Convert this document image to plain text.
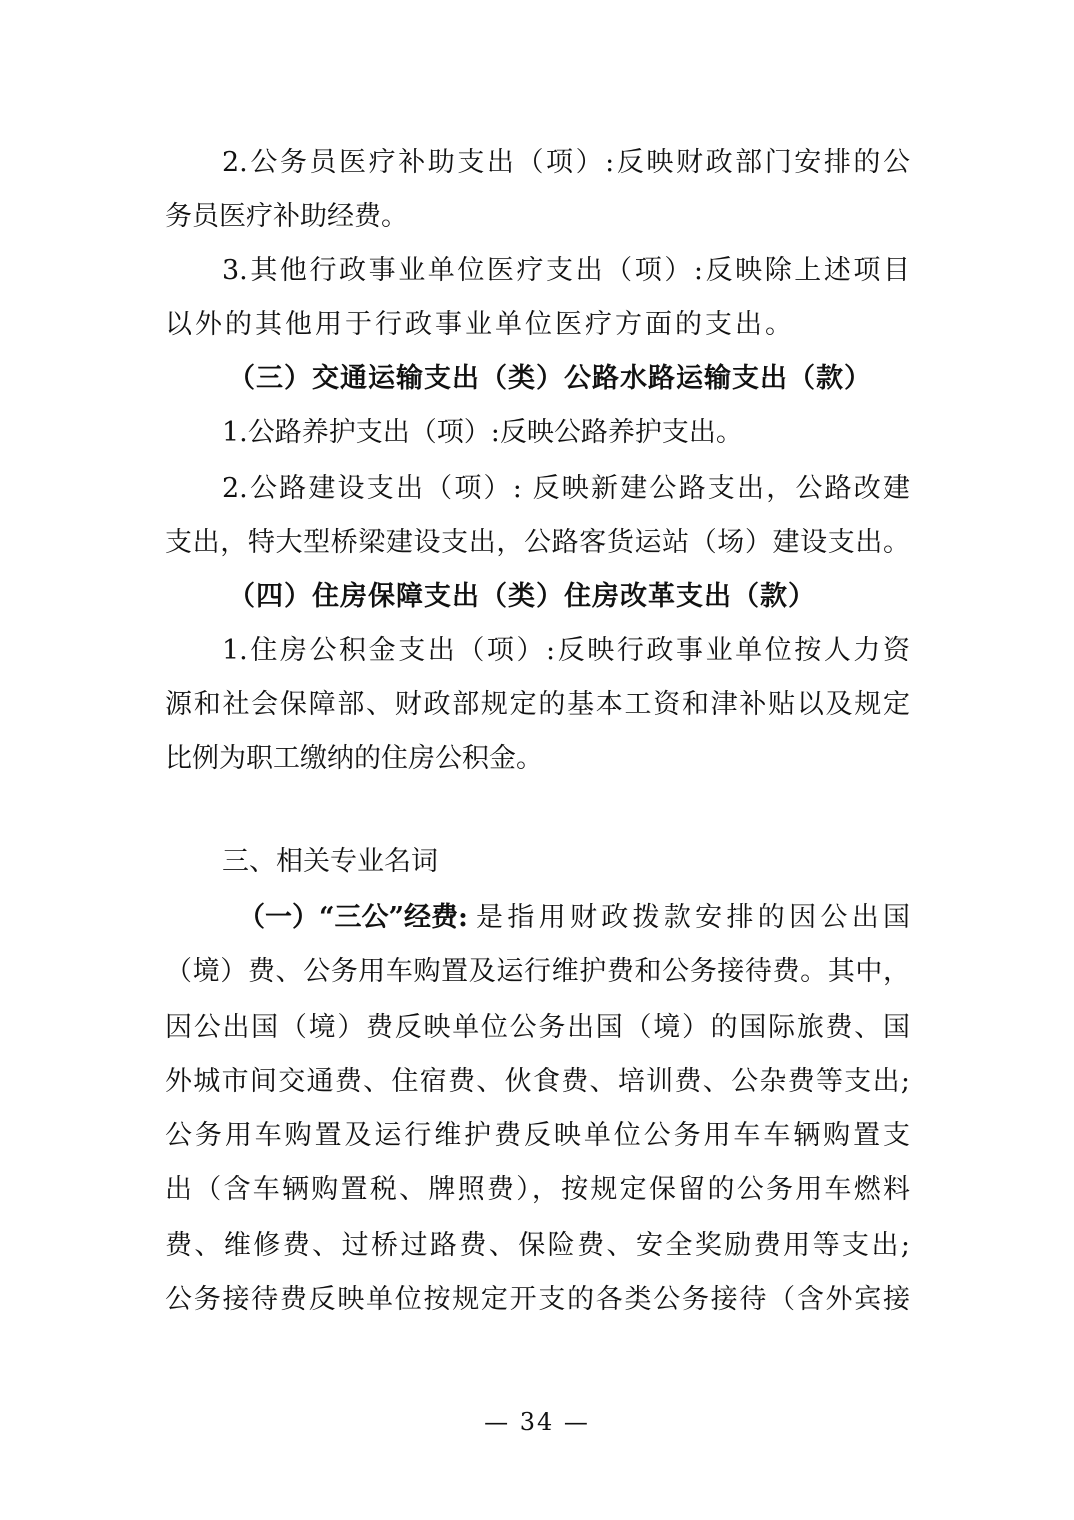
2.公务员医疗补助支出（项）:反映财政部门安排的公
务员医疗补助经费。
3.其他行政事业单位医疗支出（项）:反映除上述项目
以外的其他用于行政事业单位医疗方面的支出。
（三）交通运输支出（类）公路水路运输支出（款）
1.公路养护支出（项）:反映公路养护支出。
2.公路建设支出（项）: 反映新建公路支出，公路改建
支出，特大型桥梁建设支出，公路客货运站（场）建设支出。
（四）住房保障支出（类）住房改革支出（款）
1.住房公积金支出（项）:反映行政事业单位按人力资
源和社会保障部、财政部规定的基本工资和津补贴以及规定
比例为职工缴纳的住房公积金。
三、相关专业名词
（一）“三公”经费: 是指用财政拨款安排的因公出国
（境）费、公务用车购置及运行维护费和公务接待费。其中，
因公出国（境）费反映单位公务出国（境）的国际旅费、国
外城市间交通费、住宿费、伙食费、培训费、公杂费等支出;
公务用车购置及运行维护费反映单位公务用车车辆购置支
出（含车辆购置税、牌照费），按规定保留的公务用车燃料
费、维修费、过桥过路费、保险费、安全奖励费用等支出;
公务接待费反映单位按规定开支的各类公务接待（含外宾接
— 34 —
